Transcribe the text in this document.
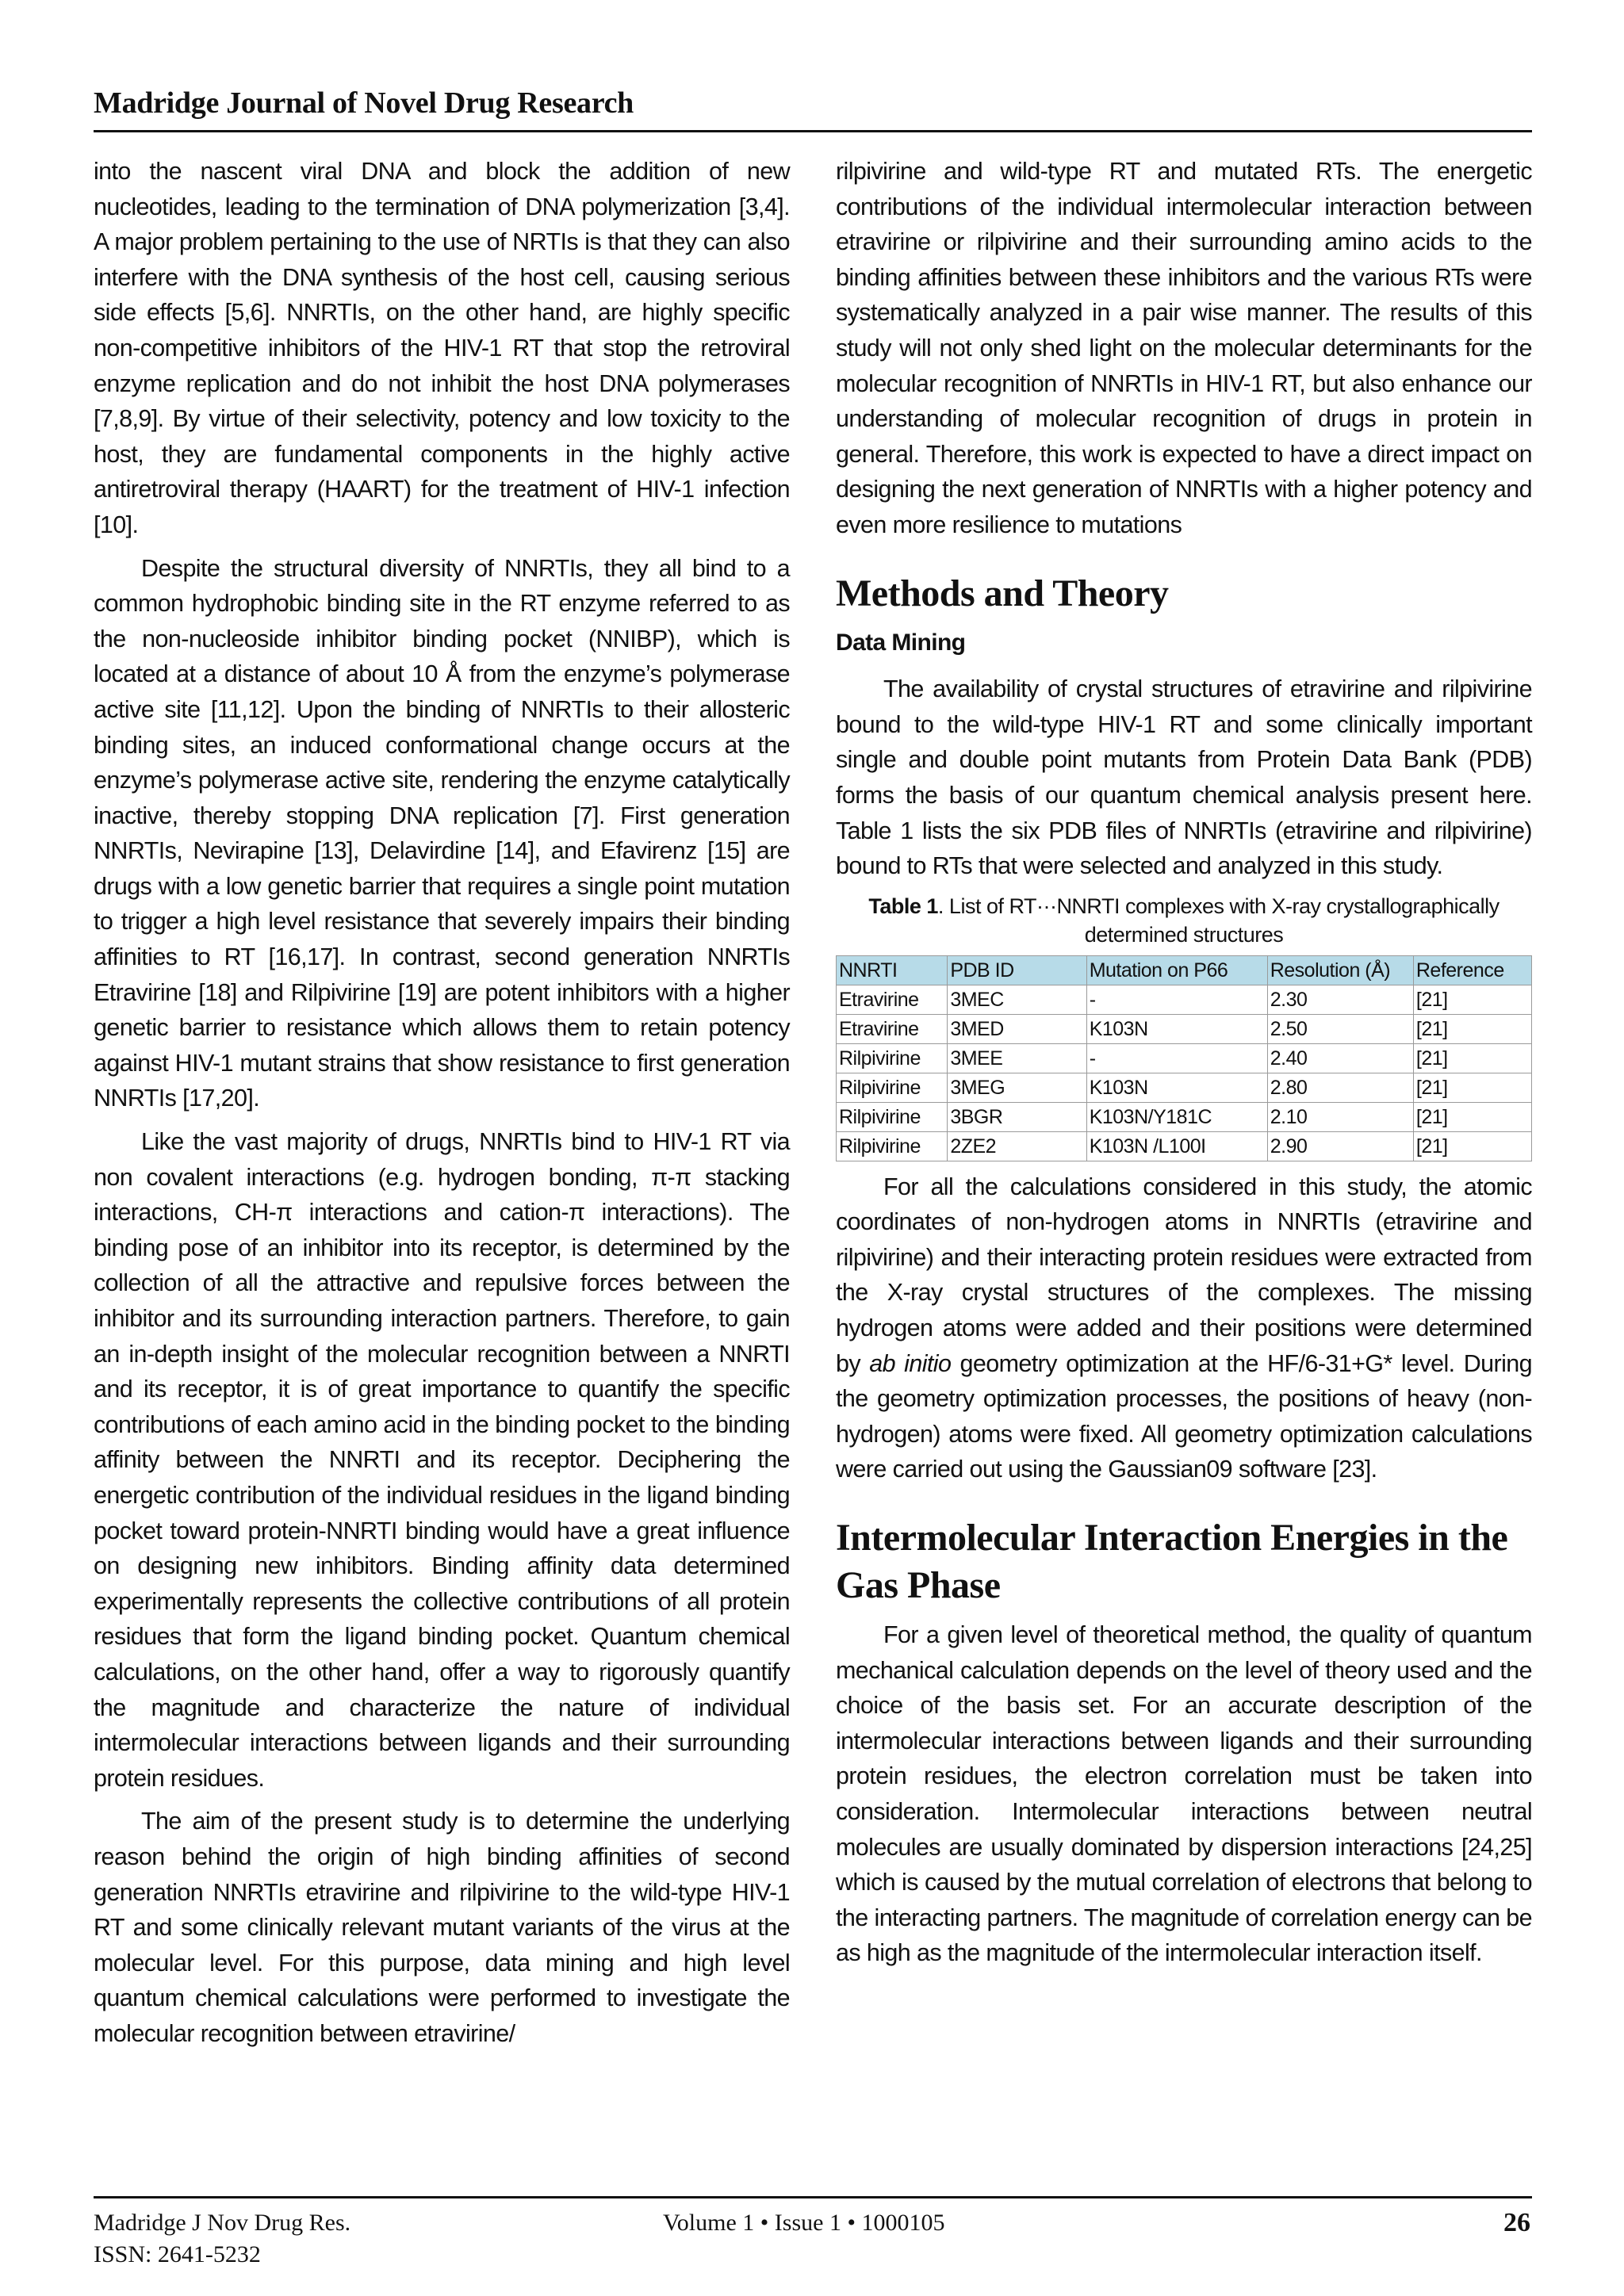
Madridge Journal of Novel Drug Research

into the nascent viral DNA and block the addition of new nucleotides, leading to the termination of DNA polymerization [3,4]. A major problem pertaining to the use of NRTIs is that they can also interfere with the DNA synthesis of the host cell, causing serious side effects [5,6]. NNRTIs, on the other hand, are highly specific non-competitive inhibitors of the HIV-1 RT that stop the retroviral enzyme replication and do not inhibit the host DNA polymerases [7,8,9]. By virtue of their selectivity, potency and low toxicity to the host, they are fundamental components in the highly active antiretroviral therapy (HAART) for the treatment of HIV-1 infection [10].

Despite the structural diversity of NNRTIs, they all bind to a common hydrophobic binding site in the RT enzyme referred to as the non-nucleoside inhibitor binding pocket (NNIBP), which is located at a distance of about 10 Å from the enzyme’s polymerase active site [11,12]. Upon the binding of NNRTIs to their allosteric binding sites, an induced conformational change occurs at the enzyme’s polymerase active site, rendering the enzyme catalytically inactive, thereby stopping DNA replication [7]. First generation NNRTIs, Nevirapine [13], Delavirdine [14], and Efavirenz [15] are drugs with a low genetic barrier that requires a single point mutation to trigger a high level resistance that severely impairs their binding affinities to RT [16,17]. In contrast, second generation NNRTIs Etravirine [18] and Rilpivirine [19] are potent inhibitors with a higher genetic barrier to resistance which allows them to retain potency against HIV-1 mutant strains that show resistance to first generation NNRTIs [17,20].

Like the vast majority of drugs, NNRTIs bind to HIV-1 RT via non covalent interactions (e.g. hydrogen bonding, π-π stacking interactions, CH-π interactions and cation-π interactions). The binding pose of an inhibitor into its receptor, is determined by the collection of all the attractive and repulsive forces between the inhibitor and its surrounding interaction partners. Therefore, to gain an in-depth insight of the molecular recognition between a NNRTI and its receptor, it is of great importance to quantify the specific contributions of each amino acid in the binding pocket to the binding affinity between the NNRTI and its receptor. Deciphering the energetic contribution of the individual residues in the ligand binding pocket toward protein-NNRTI binding would have a great influence on designing new inhibitors. Binding affinity data determined experimentally represents the collective contributions of all protein residues that form the ligand binding pocket. Quantum chemical calculations, on the other hand, offer a way to rigorously quantify the magnitude and characterize the nature of individual intermolecular interactions between ligands and their surrounding protein residues.

The aim of the present study is to determine the underlying reason behind the origin of high binding affinities of second generation NNRTIs etravirine and rilpivirine to the wild-type HIV-1 RT and some clinically relevant mutant variants of the virus at the molecular level. For this purpose, data mining and high level quantum chemical calculations were performed to investigate the molecular recognition between etravirine/

rilpivirine and wild-type RT and mutated RTs. The energetic contributions of the individual intermolecular interaction between etravirine or rilpivirine and their surrounding amino acids to the binding affinities between these inhibitors and the various RTs were systematically analyzed in a pair wise manner. The results of this study will not only shed light on the molecular determinants for the molecular recognition of NNRTIs in HIV-1 RT, but also enhance our understanding of molecular recognition of drugs in protein in general. Therefore, this work is expected to have a direct impact on designing the next generation of NNRTIs with a higher potency and even more resilience to mutations

Methods and Theory
Data Mining

The availability of crystal structures of etravirine and rilpivirine bound to the wild-type HIV-1 RT and some clinically important single and double point mutants from Protein Data Bank (PDB) forms the basis of our quantum chemical analysis present here. Table 1 lists the six PDB files of NNRTIs (etravirine and rilpivirine) bound to RTs that were selected and analyzed in this study.

Table 1. List of RT···NNRTI complexes with X-ray crystallographically determined structures
NNRTI	PDB ID	Mutation on P66	Resolution (Å)	Reference
Etravirine	3MEC	-	2.30	[21]
Etravirine	3MED	K103N	2.50	[21]
Rilpivirine	3MEE	-	2.40	[21]
Rilpivirine	3MEG	K103N	2.80	[21]
Rilpivirine	3BGR	K103N/Y181C	2.10	[21]
Rilpivirine	2ZE2	K103N /L100I	2.90	[21]

For all the calculations considered in this study, the atomic coordinates of non-hydrogen atoms in NNRTIs (etravirine and rilpivirine) and their interacting protein residues were extracted from the X-ray crystal structures of the complexes. The missing hydrogen atoms were added and their positions were determined by ab initio geometry optimization at the HF/6-31+G* level. During the geometry optimization processes, the positions of heavy (non-hydrogen) atoms were fixed. All geometry optimization calculations were carried out using the Gaussian09 software [23].

Intermolecular Interaction Energies in the Gas Phase

For a given level of theoretical method, the quality of quantum mechanical calculation depends on the level of theory used and the choice of the basis set. For an accurate description of the intermolecular interactions between ligands and their surrounding protein residues, the electron correlation must be taken into consideration. Intermolecular interactions between neutral molecules are usually dominated by dispersion interactions [24,25] which is caused by the mutual correlation of electrons that belong to the interacting partners. The magnitude of correlation energy can be as high as the magnitude of the intermolecular interaction itself.

Madridge J Nov Drug Res.
ISSN: 2641-5232
Volume 1 • Issue 1 • 1000105	26
